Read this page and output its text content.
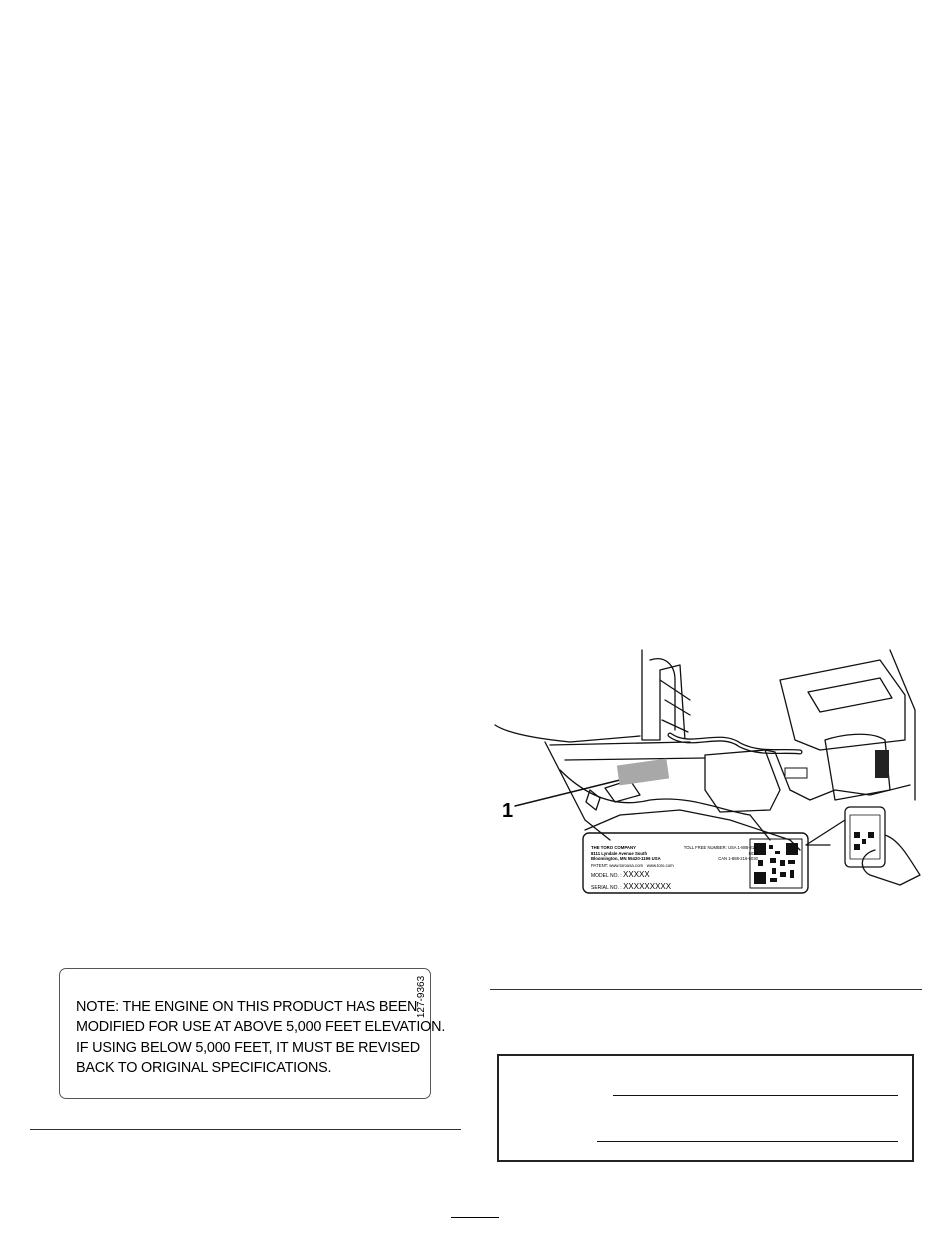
THE TORO COMPANY
8111 Lyndale Avenue South
Bloomington, MN 55420-1196 USA
PATENT: www.torousa.com www.toro.com
MODEL NO. : XXXXX
SERIAL NO. : XXXXXXXXX
TOLL FREE NUMBER: USA 1-888-216-6029
CAN 1-888-216-6030
1
NOTE: THE ENGINE ON THIS PRODUCT HAS BEEN
MODIFIED FOR USE AT ABOVE 5,000 FEET ELEVATION.
IF USING BELOW 5,000 FEET, IT MUST BE REVISED
BACK TO ORIGINAL SPECIFICATIONS.
127-9363
